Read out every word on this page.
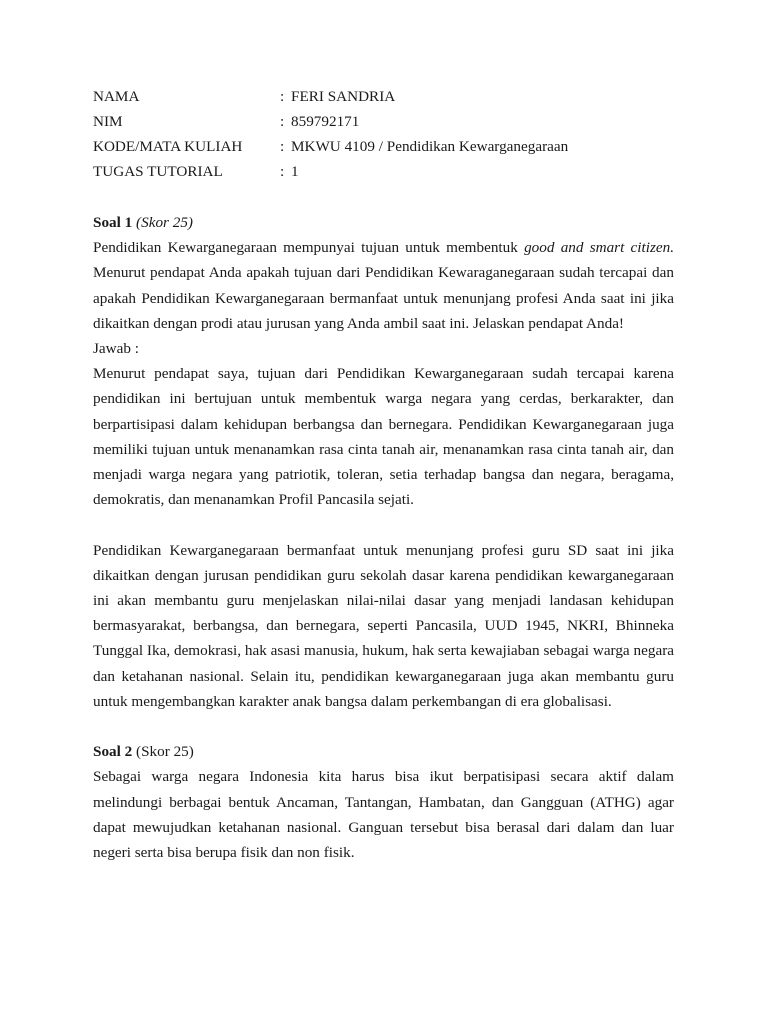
NAMA	: FERI SANDRIA
NIM	: 859792171
KODE/MATA KULIAH	: MKWU 4109 / Pendidikan Kewarganegaraan
TUGAS TUTORIAL	: 1

Soal 1 (Skor 25)

Pendidikan Kewarganegaraan mempunyai tujuan untuk membentuk good and smart citizen. Menurut pendapat Anda apakah tujuan dari Pendidikan Kewaraganegaraan sudah tercapai dan apakah Pendidikan Kewarganegaraan bermanfaat untuk menunjang profesi Anda saat ini jika dikaitkan dengan prodi atau jurusan yang Anda ambil saat ini. Jelaskan pendapat Anda!

Jawab :

Menurut pendapat saya, tujuan dari Pendidikan Kewarganegaraan sudah tercapai karena pendidikan ini bertujuan untuk membentuk warga negara yang cerdas, berkarakter, dan berpartisipasi dalam kehidupan berbangsa dan bernegara. Pendidikan Kewarganegaraan juga memiliki tujuan untuk menanamkan rasa cinta tanah air, menanamkan rasa cinta tanah air, dan menjadi warga negara yang patriotik, toleran, setia terhadap bangsa dan negara, beragama, demokratis, dan menanamkan Profil Pancasila sejati.

Pendidikan Kewarganegaraan bermanfaat untuk menunjang profesi guru SD saat ini jika dikaitkan dengan jurusan pendidikan guru sekolah dasar karena pendidikan kewarganegaraan ini akan membantu guru menjelaskan nilai-nilai dasar yang menjadi landasan kehidupan bermasyarakat, berbangsa, dan bernegara, seperti Pancasila, UUD 1945, NKRI, Bhinneka Tunggal Ika, demokrasi, hak asasi manusia, hukum, hak serta kewajiaban sebagai warga negara dan ketahanan nasional. Selain itu, pendidikan kewarganegaraan juga akan membantu guru untuk mengembangkan karakter anak bangsa dalam perkembangan di era globalisasi.

Soal 2 (Skor 25)

Sebagai warga negara Indonesia kita harus bisa ikut berpatisipasi secara aktif dalam melindungi berbagai bentuk Ancaman, Tantangan, Hambatan, dan Gangguan (ATHG) agar dapat mewujudkan ketahanan nasional. Ganguan tersebut bisa berasal dari dalam dan luar negeri serta bisa berupa fisik dan non fisik.
